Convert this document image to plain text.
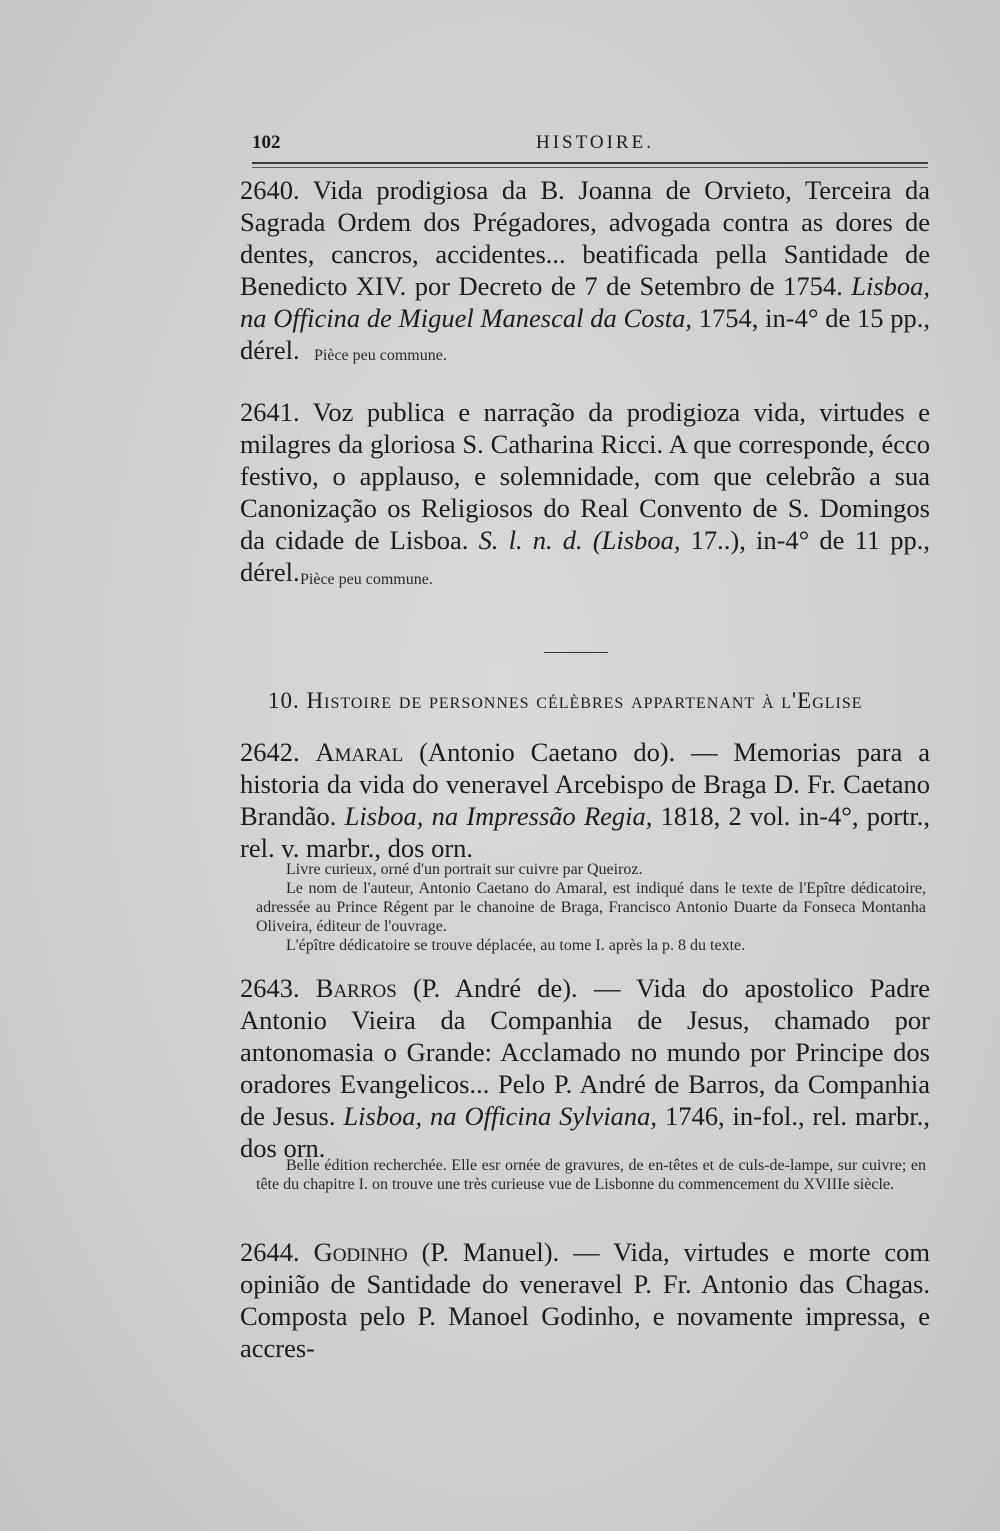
102	HISTOIRE.
2640. Vida prodigiosa da B. Joanna de Orvieto, Terceira da Sagrada Ordem dos Prégadores, advogada contra as dores de dentes, cancros, accidentes... beatificada pella Santidade de Benedicto XIV. por Decreto de 7 de Setembro de 1754. Lisboa, na Officina de Miguel Manescal da Costa, 1754, in-4° de 15 pp., dérel. Pièce peu commune.

2641. Voz publica e narração da prodigioza vida, virtudes e milagres da gloriosa S. Catharina Ricci. A que corresponde, écco festivo, o applauso, e solemnidade, com que celebrão a sua Canonização os Religiosos do Real Convento de S. Domingos da cidade de Lisboa. S. l. n. d. (Lisboa, 17..), in-4° de 11 pp., dérel. Pièce peu commune.

10. Histoire de personnes célèbres appartenant à l'Eglise
2642. Amaral (Antonio Caetano do). — Memorias para a historia da vida do veneravel Arcebispo de Braga D. Fr. Caetano Brandão. Lisboa, na Impressão Regia, 1818, 2 vol. in-4°, portr., rel. v. marbr., dos orn.

Livre curieux, orné d'un portrait sur cuivre par Queiroz.

Le nom de l'auteur, Antonio Caetano do Amaral, est indiqué dans le texte de l'Epître dédicatoire, adressée au Prince Régent par le chanoine de Braga, Francisco Antonio Duarte da Fonseca Montanha Oliveira, éditeur de l'ouvrage.

L'épître dédicatoire se trouve déplacée, au tome I. après la p. 8 du texte.

2643. Barros (P. André de). — Vida do apostolico Padre Antonio Vieira da Companhia de Jesus, chamado por antonomasia o Grande: Acclamado no mundo por Principe dos oradores Evangelicos... Pelo P. André de Barros, da Companhia de Jesus. Lisboa, na Officina Sylviana, 1746, in-fol., rel. marbr., dos orn.

Belle édition recherchée. Elle esr ornée de gravures, de en-têtes et de culs-de-lampe, sur cuivre; en tête du chapitre I. on trouve une très curieuse vue de Lisbonne du commencement du XVIIIe siècle.

2644. Godinho (P. Manuel). — Vida, virtudes e morte com opinião de Santidade do veneravel P. Fr. Antonio das Chagas. Composta pelo P. Manoel Godinho, e novamente impressa, e accres-
